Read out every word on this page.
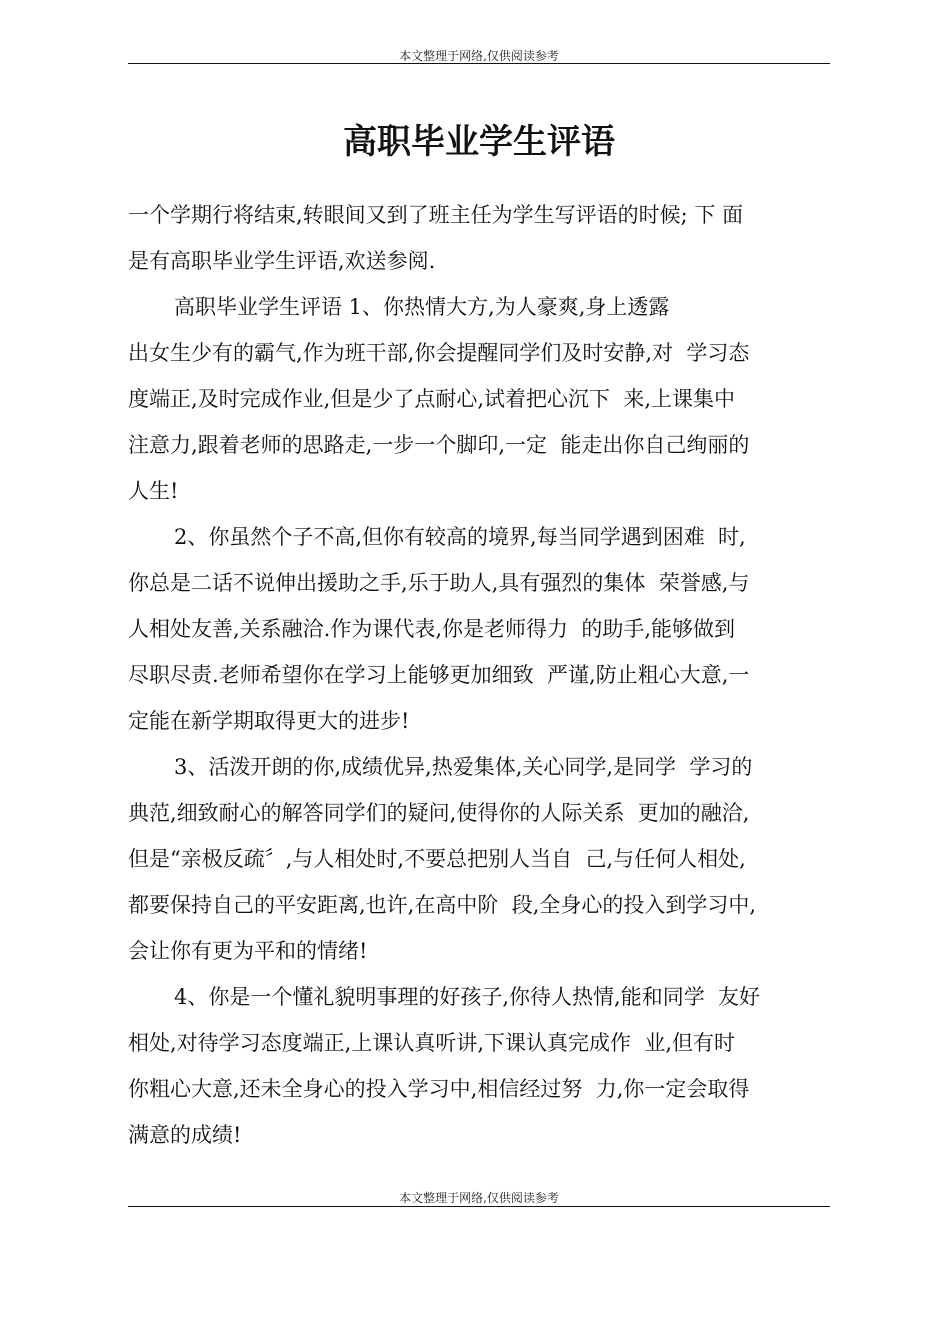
本文整理于网络,仅供阅读参考
高职毕业学生评语
一个学期行将结束,转眼间又到了班主任为学生写评语的时候; 下 面
是有高职毕业学生评语,欢送参阅.
高职毕业学生评语 1、你热情大方,为人豪爽,身上透露
出女生少有的霸气,作为班干部,你会提醒同学们及时安静,对  学习态
度端正,及时完成作业,但是少了点耐心,试着把心沉下  来,上课集中
注意力,跟着老师的思路走,一步一个脚印,一定  能走出你自己绚丽的
人生!
2、你虽然个子不高,但你有较高的境界,每当同学遇到困难  时,
你总是二话不说伸出援助之手,乐于助人,具有强烈的集体  荣誉感,与
人相处友善,关系融洽.作为课代表,你是老师得力  的助手,能够做到
尽职尽责.老师希望你在学习上能够更加细致  严谨,防止粗心大意,一
定能在新学期取得更大的进步!
3、活泼开朗的你,成绩优异,热爱集体,关心同学,是同学  学习的
典范,细致耐心的解答同学们的疑问,使得你的人际关系  更加的融洽,
但是“亲极反疏〞,与人相处时,不要总把别人当自  己,与任何人相处,
都要保持自己的平安距离,也许,在高中阶  段,全身心的投入到学习中,
会让你有更为平和的情绪!
4、你是一个懂礼貌明事理的好孩子,你待人热情,能和同学  友好
相处,对待学习态度端正,上课认真听讲,下课认真完成作  业,但有时
你粗心大意,还未全身心的投入学习中,相信经过努  力,你一定会取得
满意的成绩!
本文整理于网络,仅供阅读参考
